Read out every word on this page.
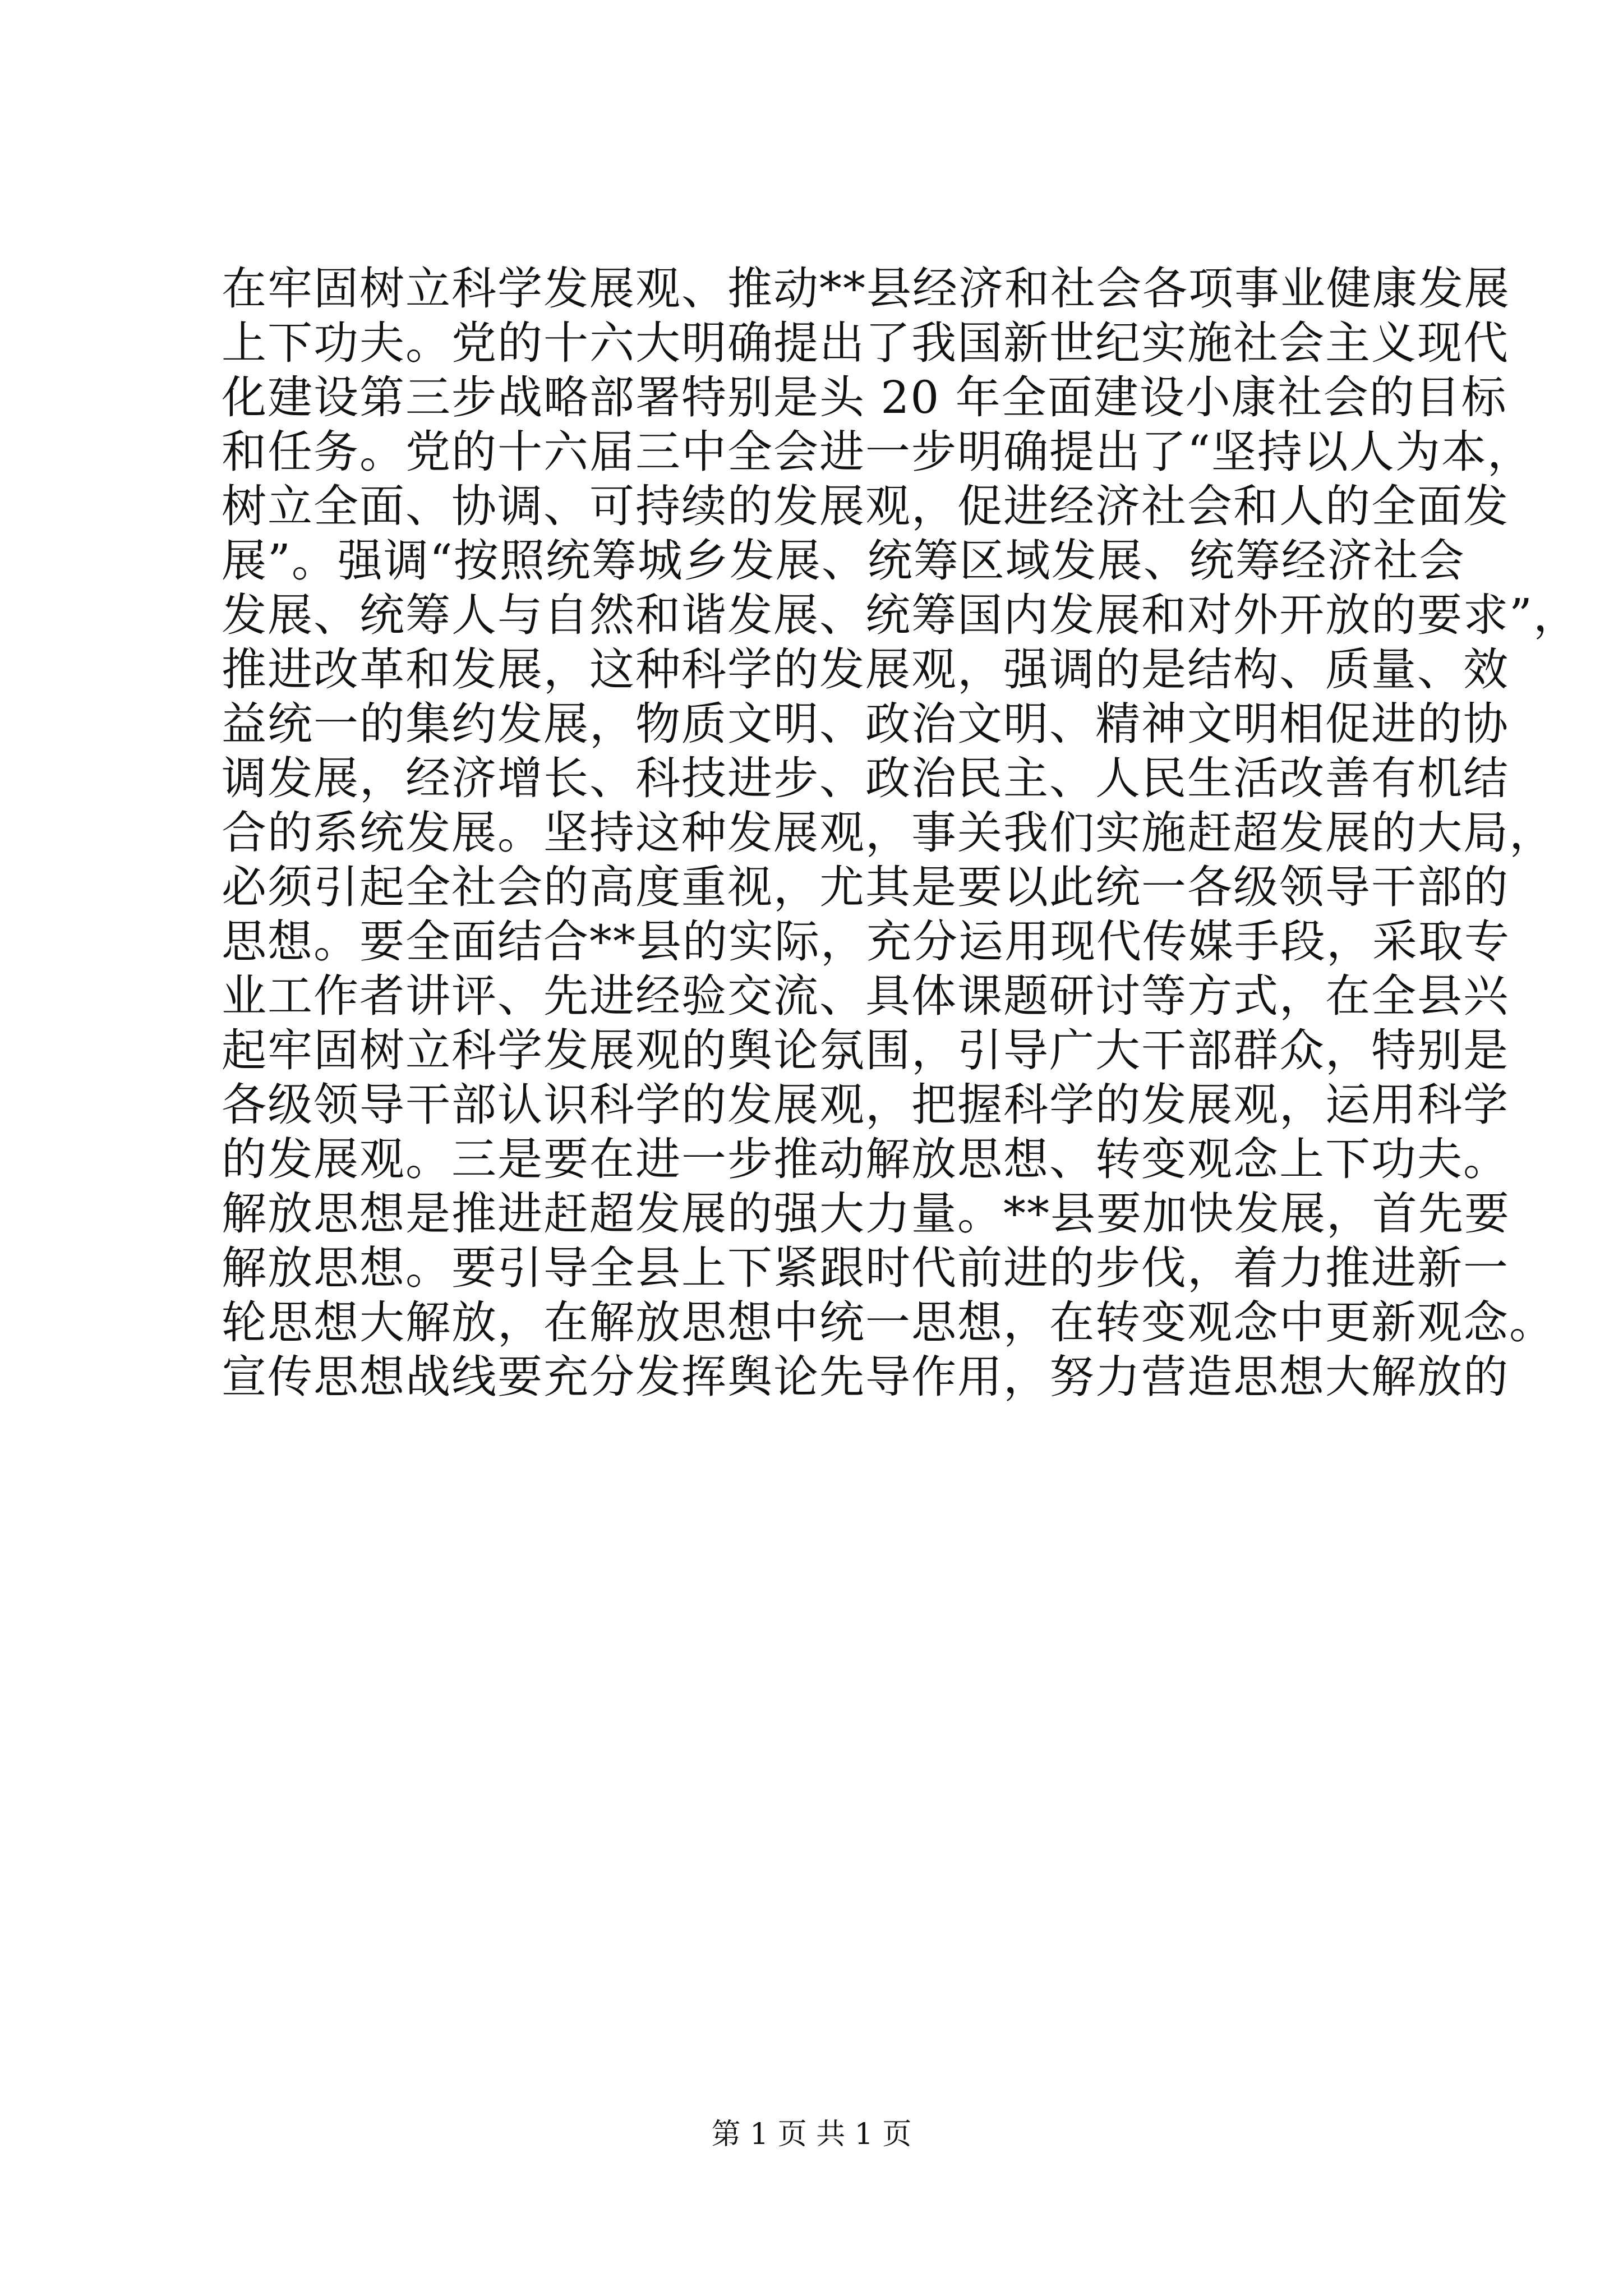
在牢固树立科学发展观、推动**县经济和社会各项事业健康发展
上下功夫。党的十六大明确提出了我国新世纪实施社会主义现代
化建设第三步战略部署特别是头 20 年全面建设小康社会的目标
和任务。党的十六届三中全会进一步明确提出了“坚持以人为本，
树立全面、协调、可持续的发展观，促进经济社会和人的全面发
展”。强调“按照统筹城乡发展、统筹区域发展、统筹经济社会
发展、统筹人与自然和谐发展、统筹国内发展和对外开放的要求”，
推进改革和发展，这种科学的发展观，强调的是结构、质量、效
益统一的集约发展，物质文明、政治文明、精神文明相促进的协
调发展，经济增长、科技进步、政治民主、人民生活改善有机结
合的系统发展。坚持这种发展观，事关我们实施赶超发展的大局，
必须引起全社会的高度重视，尤其是要以此统一各级领导干部的
思想。要全面结合**县的实际，充分运用现代传媒手段，采取专
业工作者讲评、先进经验交流、具体课题研讨等方式，在全县兴
起牢固树立科学发展观的舆论氛围，引导广大干部群众，特别是
各级领导干部认识科学的发展观，把握科学的发展观，运用科学
的发展观。三是要在进一步推动解放思想、转变观念上下功夫。
解放思想是推进赶超发展的强大力量。**县要加快发展，首先要
解放思想。要引导全县上下紧跟时代前进的步伐，着力推进新一
轮思想大解放，在解放思想中统一思想，在转变观念中更新观念。
宣传思想战线要充分发挥舆论先导作用，努力营造思想大解放的
第 1 页 共 1 页
